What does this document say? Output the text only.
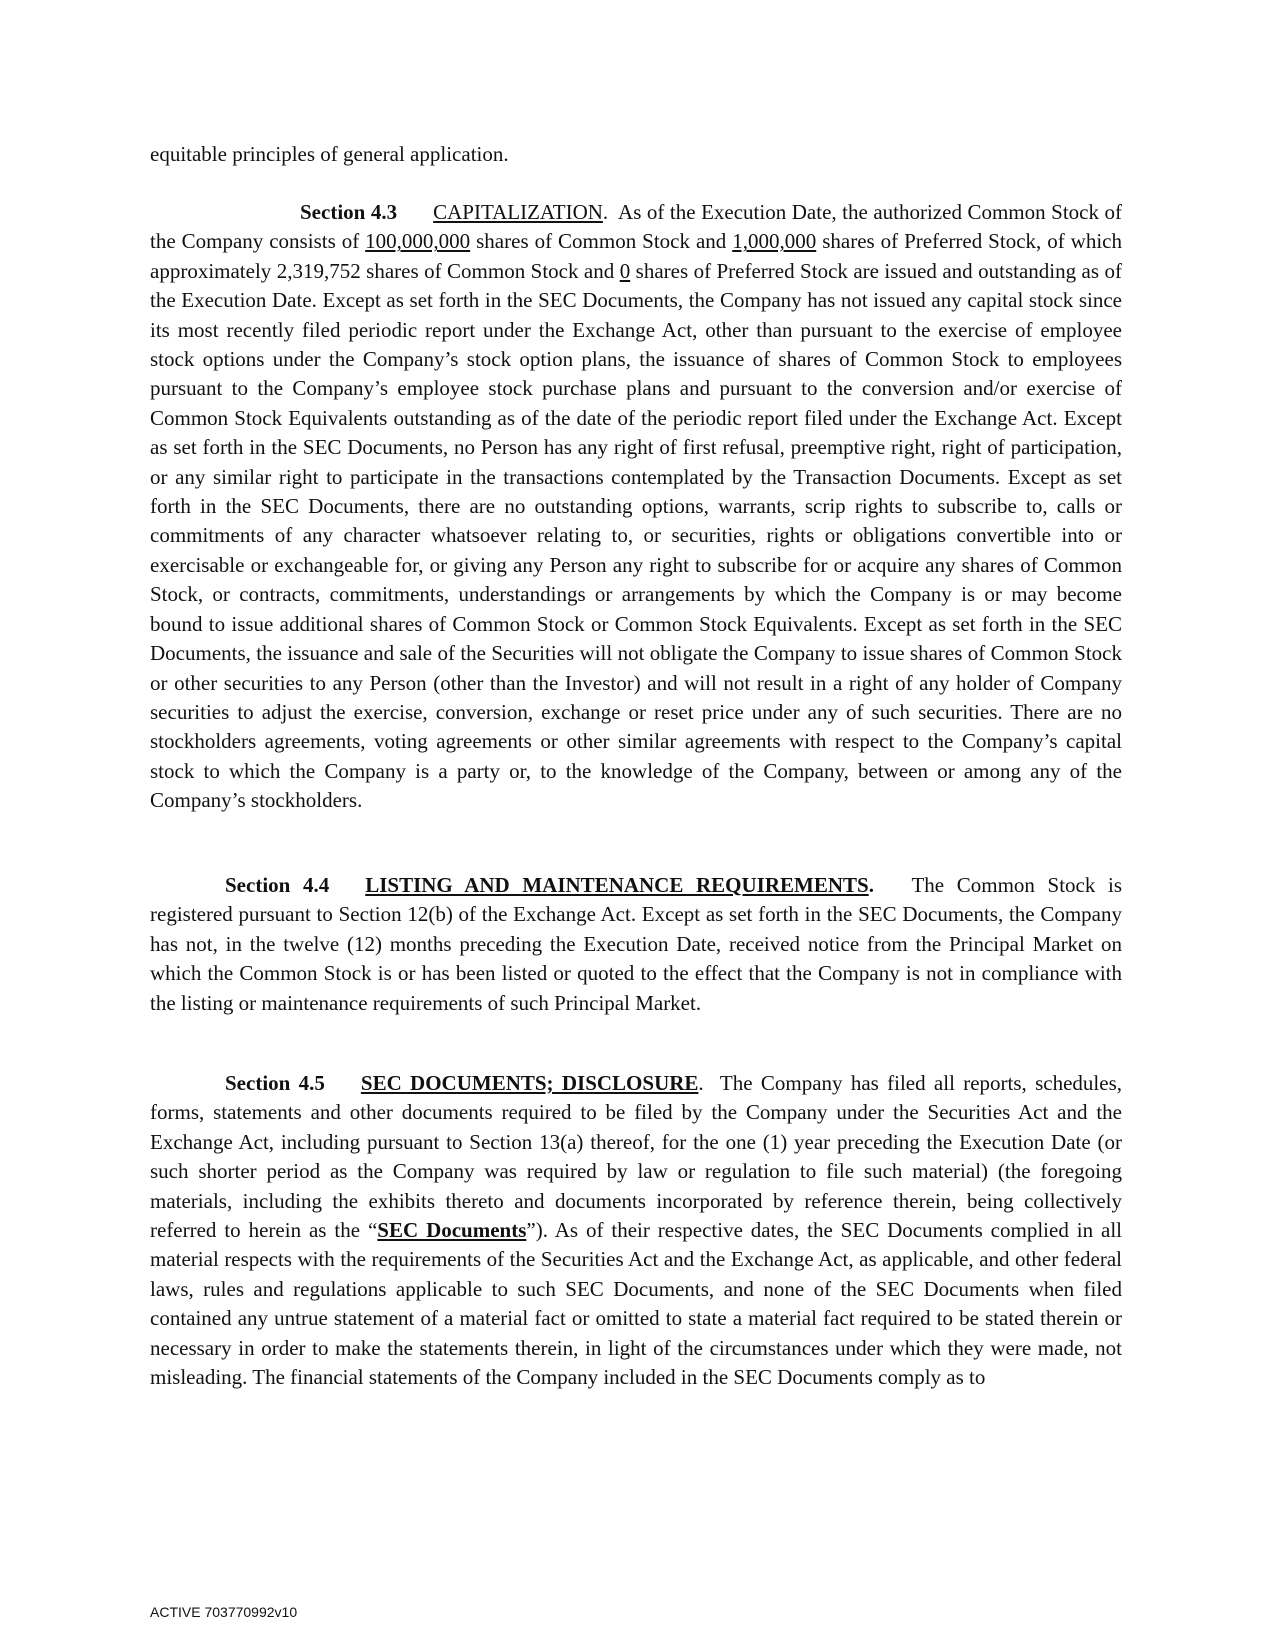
equitable principles of general application.

Section 4.3 CAPITALIZATION. As of the Execution Date, the authorized Common Stock of the Company consists of 100,000,000 shares of Common Stock and 1,000,000 shares of Preferred Stock, of which approximately 2,319,752 shares of Common Stock and 0 shares of Preferred Stock are issued and outstanding as of the Execution Date. Except as set forth in the SEC Documents, the Company has not issued any capital stock since its most recently filed periodic report under the Exchange Act, other than pursuant to the exercise of employee stock options under the Company’s stock option plans, the issuance of shares of Common Stock to employees pursuant to the Company’s employee stock purchase plans and pursuant to the conversion and/or exercise of Common Stock Equivalents outstanding as of the date of the periodic report filed under the Exchange Act. Except as set forth in the SEC Documents, no Person has any right of first refusal, preemptive right, right of participation, or any similar right to participate in the transactions contemplated by the Transaction Documents. Except as set forth in the SEC Documents, there are no outstanding options, warrants, scrip rights to subscribe to, calls or commitments of any character whatsoever relating to, or securities, rights or obligations convertible into or exercisable or exchangeable for, or giving any Person any right to subscribe for or acquire any shares of Common Stock, or contracts, commitments, understandings or arrangements by which the Company is or may become bound to issue additional shares of Common Stock or Common Stock Equivalents. Except as set forth in the SEC Documents, the issuance and sale of the Securities will not obligate the Company to issue shares of Common Stock or other securities to any Person (other than the Investor) and will not result in a right of any holder of Company securities to adjust the exercise, conversion, exchange or reset price under any of such securities. There are no stockholders agreements, voting agreements or other similar agreements with respect to the Company’s capital stock to which the Company is a party or, to the knowledge of the Company, between or among any of the Company’s stockholders.

Section 4.4 LISTING AND MAINTENANCE REQUIREMENTS. The Common Stock is registered pursuant to Section 12(b) of the Exchange Act. Except as set forth in the SEC Documents, the Company has not, in the twelve (12) months preceding the Execution Date, received notice from the Principal Market on which the Common Stock is or has been listed or quoted to the effect that the Company is not in compliance with the listing or maintenance requirements of such Principal Market.

Section 4.5 SEC DOCUMENTS; DISCLOSURE. The Company has filed all reports, schedules, forms, statements and other documents required to be filed by the Company under the Securities Act and the Exchange Act, including pursuant to Section 13(a) thereof, for the one (1) year preceding the Execution Date (or such shorter period as the Company was required by law or regulation to file such material) (the foregoing materials, including the exhibits thereto and documents incorporated by reference therein, being collectively referred to herein as the “SEC Documents”). As of their respective dates, the SEC Documents complied in all material respects with the requirements of the Securities Act and the Exchange Act, as applicable, and other federal laws, rules and regulations applicable to such SEC Documents, and none of the SEC Documents when filed contained any untrue statement of a material fact or omitted to state a material fact required to be stated therein or necessary in order to make the statements therein, in light of the circumstances under which they were made, not misleading. The financial statements of the Company included in the SEC Documents comply as to

ACTIVE 703770992v10
